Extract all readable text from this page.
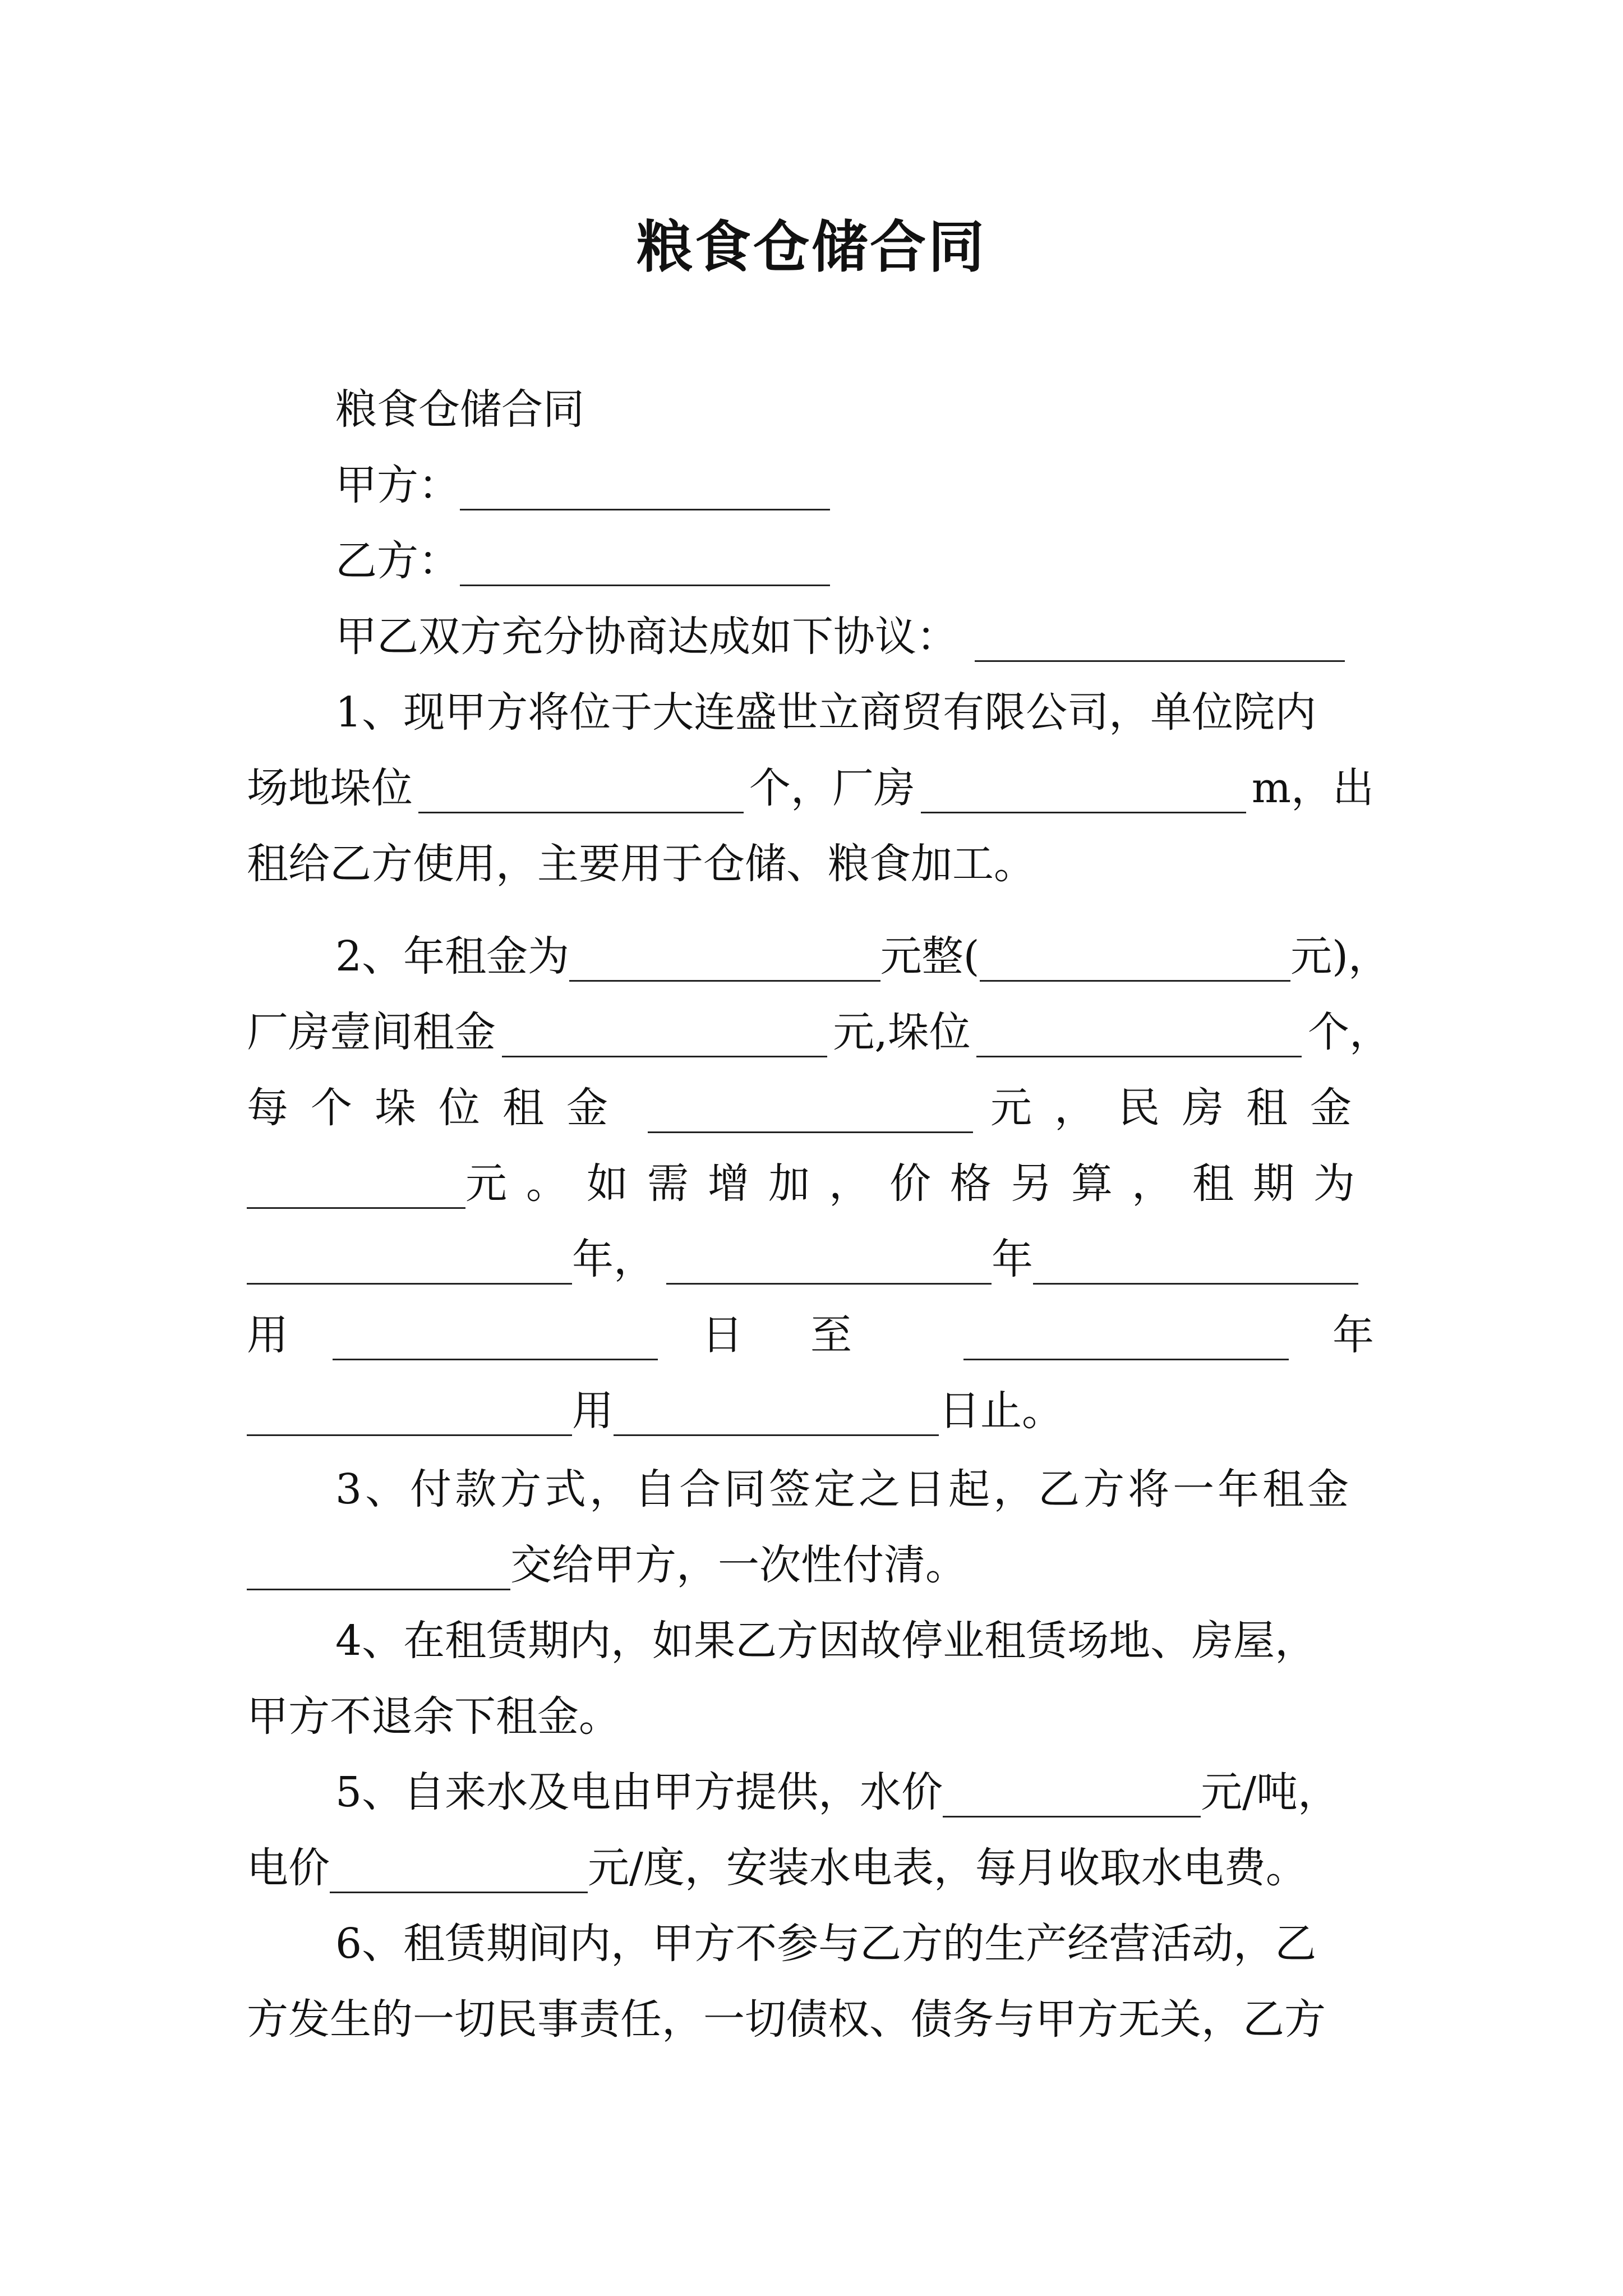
粮食仓储合同
粮食仓储合同
甲方：
乙方：
甲乙双方充分协商达成如下协议：
1、现甲方将位于大连盛世立商贸有限公司，单位院内
场地垛位	个，厂房	m，出
租给乙方使用，主要用于仓储、粮食加工。
2、年租金为	元整(	元)，
厂房壹间租金	元,垛位	个，
每个垛位租金	元，民房租金
元。如需增加，价格另算，租期为
年，	年
用	日至	年
用	日止。
3、付款方式，自合同签定之日起，乙方将一年租金
交给甲方，一次性付清。
4、在租赁期内，如果乙方因故停业租赁场地、房屋，
甲方不退余下租金。
5、自来水及电由甲方提供，水价	元/吨，
电价	元/度，安装水电表，每月收取水电费。
6、租赁期间内，甲方不参与乙方的生产经营活动，乙
方发生的一切民事责任，一切债权、债务与甲方无关，乙方
